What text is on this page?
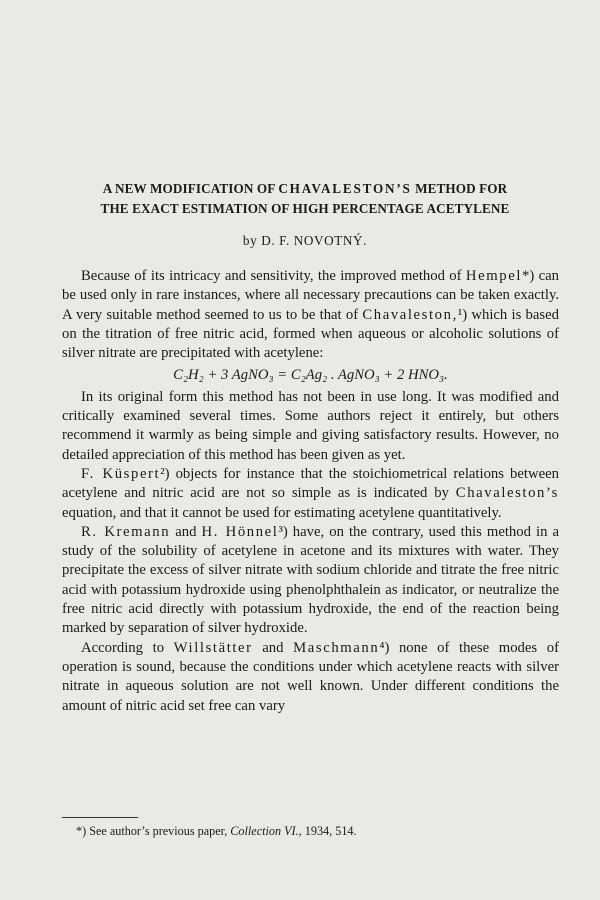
A NEW MODIFICATION OF CHAVALESTON’S METHOD FOR
THE EXACT ESTIMATION OF HIGH PERCENTAGE ACETYLENE
by D. F. NOVOTNÝ.

Because of its intricacy and sensitivity, the improved method of Hempel*) can be used only in rare instances, where all necessary precautions can be taken exactly. A very suitable method seemed to us to be that of Chavaleston,¹) which is based on the titration of free nitric acid, formed when aqueous or alcoholic solutions of silver nitrate are precipitated with acetylene:

C₂H₂ + 3 AgNO₃ = C₂Ag₂ . AgNO₃ + 2 HNO₃.

In its original form this method has not been in use long. It was modified and critically examined several times. Some authors reject it entirely, but others recommend it warmly as being simple and giving satisfactory results. However, no detailed appreciation of this method has been given as yet.

F. Küspert²) objects for instance that the stoichiometrical relations between acetylene and nitric acid are not so simple as is indicated by Chavaleston’s equation, and that it cannot be used for estimating acetylene quantitatively.

R. Kremann and H. Hönnel³) have, on the contrary, used this method in a study of the solubility of acetylene in acetone and its mixtures with water. They precipitate the excess of silver nitrate with sodium chloride and titrate the free nitric acid with potassium hydroxide using phenolphthalein as indicator, or neutralize the free nitric acid directly with potassium hydroxide, the end of the reaction being marked by separation of silver hydroxide.

According to Willstätter and Maschmann⁴) none of these modes of operation is sound, because the conditions under which acetylene reacts with silver nitrate in aqueous solution are not well known. Under different conditions the amount of nitric acid set free can vary

*) See author’s previous paper, Collection VI., 1934, 514.
